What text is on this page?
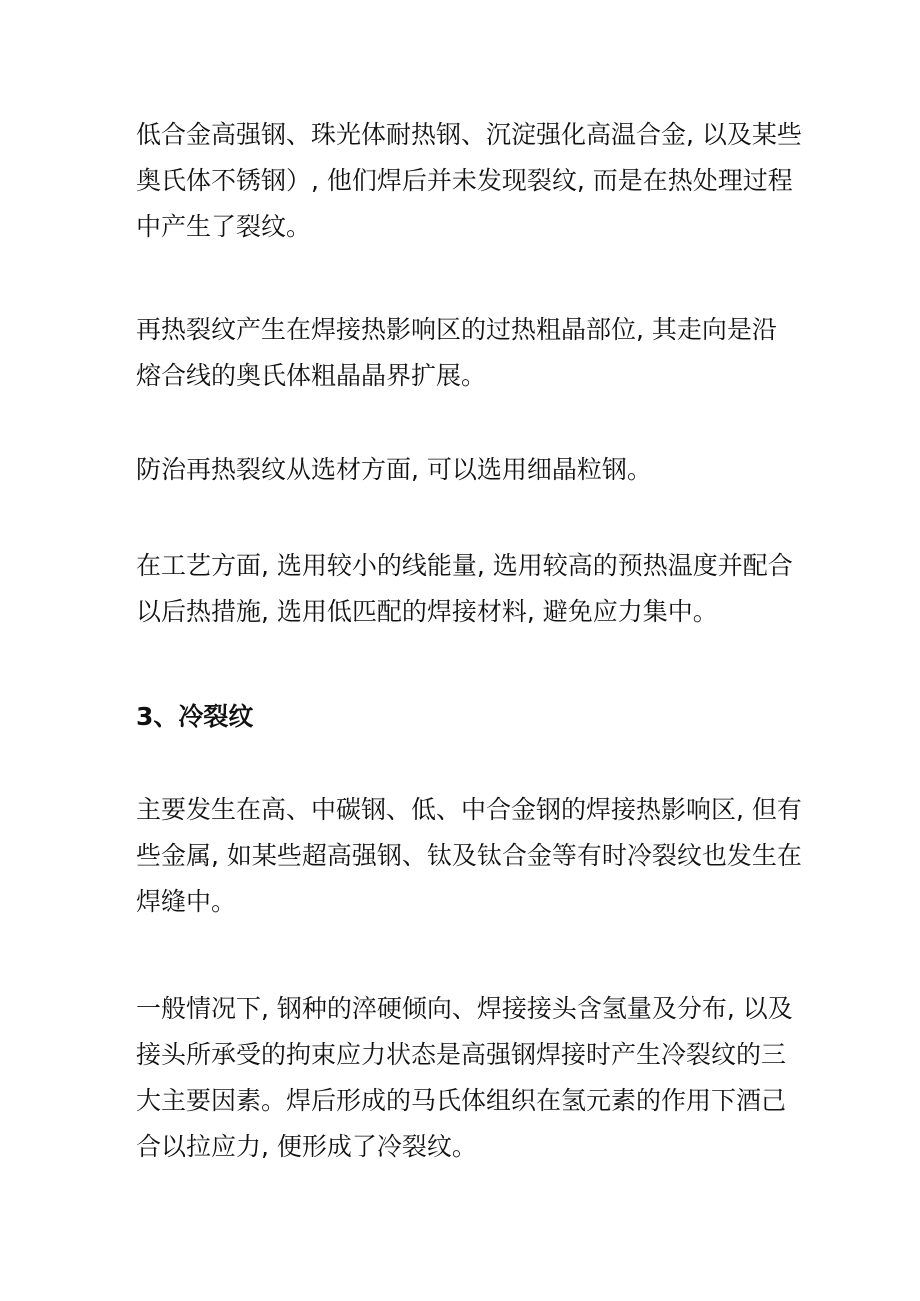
低合金高强钢、珠光体耐热钢、沉淀强化高温合金, 以及某些
奥氏体不锈钢）, 他们焊后并未发现裂纹, 而是在热处理过程
中产生了裂纹。
再热裂纹产生在焊接热影响区的过热粗晶部位, 其走向是沿
熔合线的奥氏体粗晶晶界扩展。
防治再热裂纹从选材方面, 可以选用细晶粒钢。
在工艺方面, 选用较小的线能量, 选用较高的预热温度并配合
以后热措施, 选用低匹配的焊接材料, 避免应力集中。
3、冷裂纹
主要发生在高、中碳钢、低、中合金钢的焊接热影响区, 但有
些金属, 如某些超高强钢、钛及钛合金等有时冷裂纹也发生在
焊缝中。
一般情况下, 钢种的淬硬倾向、焊接接头含氢量及分布, 以及
接头所承受的拘束应力状态是高强钢焊接时产生冷裂纹的三
大主要因素。焊后形成的马氏体组织在氢元素的作用下酒己
合以拉应力, 便形成了冷裂纹。
